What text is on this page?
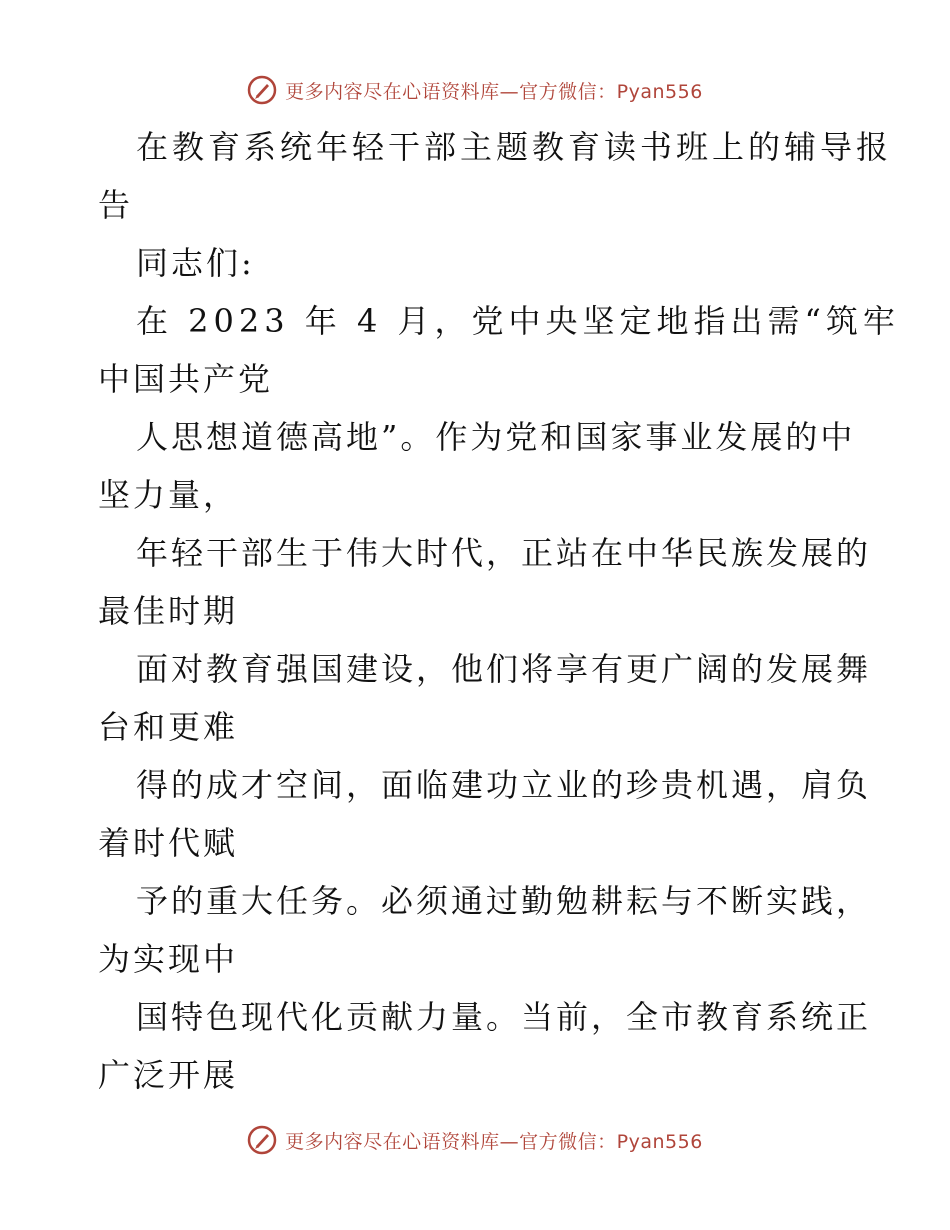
更多内容尽在心语资料库—官方微信：Pyan556
在教育系统年轻干部主题教育读书班上的辅导报
告
同志们:
在 2023 年 4 月，党中央坚定地指出需“筑牢
中国共产党
人思想道德高地”。作为党和国家事业发展的中
坚力量，
年轻干部生于伟大时代，正站在中华民族发展的
最佳时期
面对教育强国建设，他们将享有更广阔的发展舞
台和更难
得的成才空间，面临建功立业的珍贵机遇，肩负
着时代赋
予的重大任务。必须通过勤勉耕耘与不断实践，
为实现中
国特色现代化贡献力量。当前，全市教育系统正
广泛开展
更多内容尽在心语资料库—官方微信：Pyan556
